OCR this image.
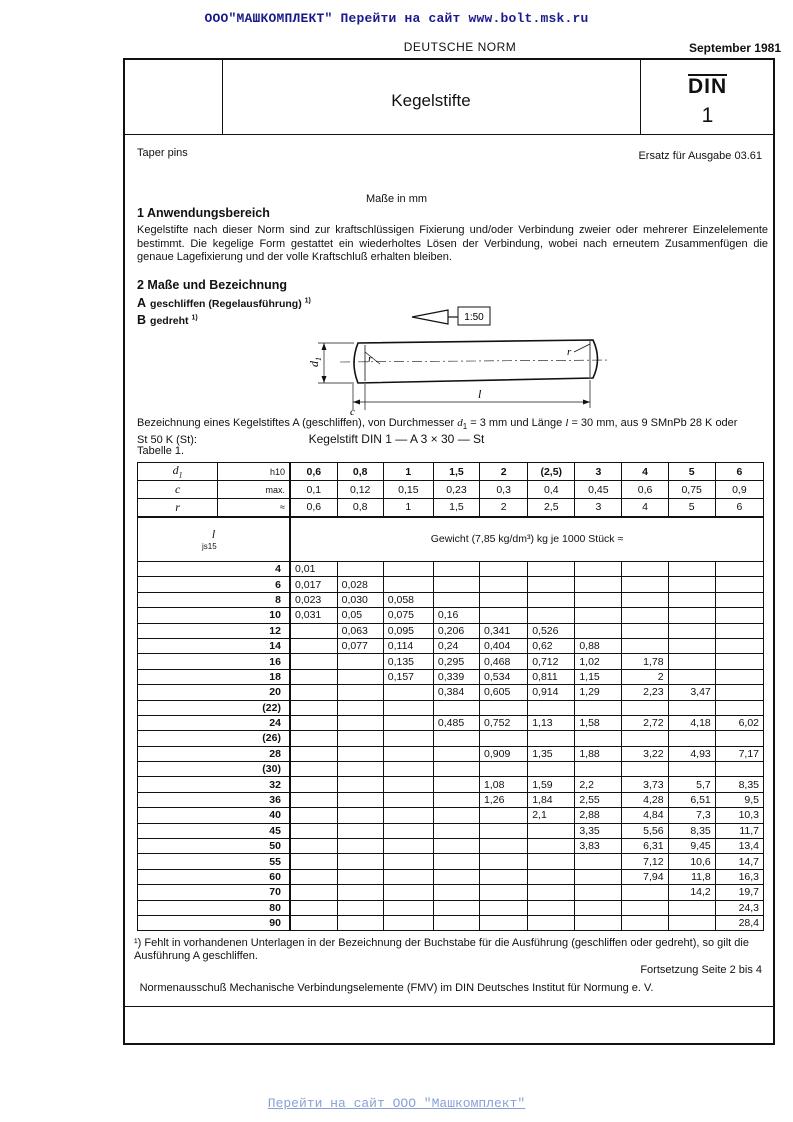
ООО"МАШКОМПЛЕКТ" Перейти на сайт www.bolt.msk.ru
DEUTSCHE NORM	September 1981
Kegelstifte
DIN
1
Taper pins	Ersatz für Ausgabe 03.61
Maße in mm
1 Anwendungsbereich
Kegelstifte nach dieser Norm sind zur kraftschlüssigen Fixierung und/oder Verbindung zweier oder mehrerer Einzelelemente bestimmt. Die kegelige Form gestattet ein wiederholtes Lösen der Verbindung, wobei nach erneutem Zusammenfügen die genaue Lagefixierung und der volle Kraftschluß erhalten bleiben.
2 Maße und Bezeichnung
A geschliffen (Regelausführung) $^{1)}$
B gedreht $^{1)}$	1:50
$d_1$	r
r
l
c
Bezeichnung eines Kegelstiftes A (geschliffen), von Durchmesser $d_1 = 3$ mm und Länge l = 30 mm, aus 9 SMnPb 28 K oder
St 50 K (St):	Kegelstift DIN 1 — A 3 × 30 — St
Tabelle 1.
$d_1$	h10	0,6	0,8	1	1,5	2	(2,5)	3	4	5	6
c	max.	0,1	0,12	0,15	0,23	0,3	0,4	0,45	0,6	0,75	0,9
r	≈	0,6	0,8	1	1,5	2	2,5	3	4	5	6

l
js15		Gewicht (7,85 kg/dm³) kg je 1000 Stück ≈									
4		0,01									
6		0,017	0,028								
8		0,023	0,030	0,058							
10		0,031	0,05	0,075	0,16						
12			0,063	0,095	0,206	0,341	0,526				
14			0,077	0,114	0,24	0,404	0,62	0,88			
16				0,135	0,295	0,468	0,712	1,02	1,78		
18				0,157	0,339	0,534	0,811	1,15	2		
20					0,384	0,605	0,914	1,29	2,23	3,47	
(22)											
24					0,485	0,752	1,13	1,58	2,72	4,18	6,02
(26)											
28						0,909	1,35	1,88	3,22	4,93	7,17
(30)											
32						1,08	1,59	2,2	3,73	5,7	8,35
36						1,26	1,84	2,55	4,28	6,51	9,5
40							2,1	2,88	4,84	7,3	10,3
45								3,35	5,56	8,35	11,7
50								3,83	6,31	9,45	13,4
55									7,12	10,6	14,7
60									7,94	11,8	16,3
70										14,2	19,7
80											24,3
90											28,4
¹) Fehlt in vorhandenen Unterlagen in der Bezeichnung der Buchstabe für die Ausführung (geschliffen oder gedreht), so gilt die Ausführung A geschliffen.
Fortsetzung Seite 2 bis 4
Normenausschuß Mechanische Verbindungselemente (FMV) im DIN Deutsches Institut für Normung e. V.
Перейти на сайт ООО "Машкомплект"
